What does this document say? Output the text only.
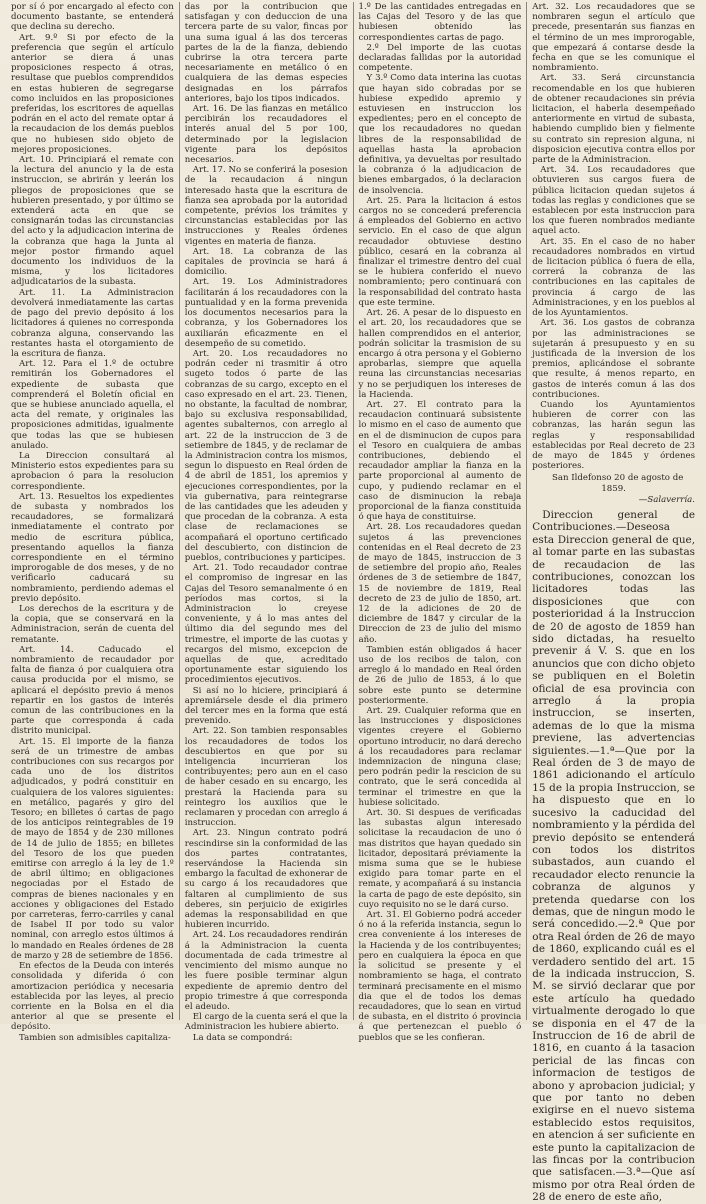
por sí ó por encargado al efecto con documento bastante, se entenderá que declina su derecho.

Art. 9.º Si por efecto de la preferencia que según el artículo anterior se diera á unas proposiciones respecto á otras, resultase que pueblos comprendidos en estas hubieren de segregarse como incluidos en las proposiciones preferidas, los escritores de aquellas podrán en el acto del remate optar á la recaudacion de los demás pueblos que no hubiesen sido objeto de mejores proposiciones.

Art. 10. Principiará el remate con la lectura del anuncio y la de esta instruccion, se abrirán y leerán los pliegos de proposiciones que se hubieren presentado, y por último se extenderá acta en que se consignarán todas las circunstancias del acto y la adjudicacion interina de la cobranza que haga la Junta al mejor postor firmando aquel documento los individuos de la misma, y los licitadores adjudicatarios de la subasta.

Art. 11. La Administracion devolverá inmediatamente las cartas de pago del previo depósito á los licitadores á quienes no corresponda cobranza alguna, conservando las restantes hasta el otorgamiento de la escritura de fianza.

Art. 12. Para el 1.º de octubre remitirán los Gobernadores el expediente de subasta que comprenderá el Boletín oficial en que se hubiese anunciado aquella, el acta del remate, y originales las proposiciones admitidas, igualmente que todas las que se hubiesen anulado.

La Direccion consultará al Ministerio estos expedientes para su aprobacion ó para la resolucion correspondiente.

Art. 13. Resueltos los expedientes de subasta y nombrados los recaudadores, se formalizará inmediatamente el contrato por medio de escritura pública, presentando aquellos la fianza correspondiente en el término improrogable de dos meses, y de no verificarlo caducará su nombramiento, perdiendo ademas el previo depósito.

Los derechos de la escritura y de la copia, que se conservará en la Administracion, serán de cuenta del rematante.

Art. 14. Caducado el nombramiento de recaudador por falta de fianza ó por cualquiera otra causa producida por el mismo, se aplicará el depósito previo á menos repartir en los gastos de interés comun de las contribuciones en la parte que corresponda á cada distrito municipal.

Art. 15. El importe de la fianza será de un trimestre de ambas contribuciones con sus recargos por cada uno de los distritos adjudicados, y podrá constituir en cualquiera de los valores siguientes: en metálico, pagarés y giro del Tesoro; en billetes ó cartas de pago de los anticipos reintegrables de 19 de mayo de 1854 y de 230 millones de 14 de julio de 1855; en billetes del Tesoro de los que pueden emitirse con arreglo á la ley de 1.º de abril último; en obligaciones negociadas por el Estado de compras de bienes nacionales y en acciones y obligaciones del Estado por carreteras, ferro-carriles y canal de Isabel II por todo su valor nominal, con arreglo estos últimos á lo mandado en Reales órdenes de 28 de marzo y 28 de setiembre de 1856.

En efectos de la Deuda con interés consolidada y diferida ó con amortizacion periódica y necesaria establecida por las leyes, al precio corriente en la Bolsa en el dia anterior al que se presente el depósito.

Tambien son admisibles capitaliza-

das por la contribucion que satisfagan y con deduccion de una tercera parte de su valor, fincas por una suma igual á las dos terceras partes de la de la fianza, debiendo cubrirse la otra tercera parte necesariamente en metálico ó en cualquiera de las demas especies designadas en los párrafos anteriores, bajo los tipos indicados.

Art. 16. De las fianzas en metálico percibirán los recaudadores el interés anual del 5 por 100, determinado por la legislacion vigente para los depósitos necesarios.

Art. 17. No se conferirá la posesion de la recaudacion á ningun interesado hasta que la escritura de fianza sea aprobada por la autoridad competente, prévios los trámites y circunstancias establecidas por las instrucciones y Reales órdenes vigentes en materia de fianza.

Art. 18. La cobranza de las capitales de provincia se hará á domicilio.

Art. 19. Los Administradores facilitarán á los recaudadores con la puntualidad y en la forma prevenida los documentos necesarios para la cobranza, y los Gobernadores los auxiliarán eficazmente en el desempeño de su cometido.

Art. 20. Los recaudadores no podrán ceder ni trasmitir á otro sugeto todos ó parte de las cobranzas de su cargo, excepto en el caso expresado en el art. 23. Tienen, no obstante, la facultad de nombrar, bajo su exclusiva responsabilidad, agentes subalternos, con arreglo al art. 22 de la instruccion de 3 de setiembre de 1845, y de reclamar de la Administracion contra los mismos, segun lo dispuesto en Real órden de 4 de abril de 1851, los apremios y ejecuciones correspondientes, por la via gubernativa, para reintegrarse de las cantidades que les adeuden y que procedan de la cobranza. A esta clase de reclamaciones se acompañará el oportuno certificado del descubierto, con distincion de pueblos, contribuciones y participes.

Art. 21. Todo recaudador contrae el compromiso de ingresar en las Cajas del Tesoro semanalmente ó en períodos mas cortos, si la Administracion lo creyese conveniente, y á lo mas antes del último dia del segundo mes del trimestre, el importe de las cuotas y recargos del mismo, excepcion de aquellas de que, acreditado oportunamente estar siguiendo los procedimientos ejecutivos.

Si así no lo hiciere, principiará á apremiársele desde el dia primero del tercer mes en la forma que está prevenido.

Art. 22. Son tambien responsables los recaudadores de todos los descubiertos en que por su inteligencia incurrieran los contribuyentes; pero aun en el caso de haber cesado en su encargo, les prestará la Hacienda para su reintegro los auxilios que le reclamaren y procedan con arreglo á instruccion.

Art. 23. Ningun contrato podrá rescindirse sin la conformidad de las dos partes contratantes, reservándose la Hacienda sin embargo la facultad de exhonerar de su cargo á los recaudadores que faltaren al cumplimiento de sus deberes, sin perjuicio de exigirles ademas la responsabilidad en que hubieren incurrido.

Art. 24. Los recaudadores rendirán á la Administracion la cuenta documentada de cada trimestre al vencimiento del mismo aunque no les fuere posible terminar algun expediente de apremio dentro del propio trimestre á que corresponda el adeudo.

El cargo de la cuenta será el que la Administracion les hubiere abierto.

La data se compondrá:

1.º De las cantidades entregadas en las Cajas del Tesoro y de las que hubiesen obtenido las correspondientes cartas de pago.

2.º Del importe de las cuotas declaradas fallidas por la autoridad competente.

Y 3.º Como data interina las cuotas que hayan sido cobradas por se hubiese expedido apremio y estuviesen en instruccion los expedientes; pero en el concepto de que los recaudadores no quedan libres de la responsabilidad de aquellas hasta la aprobacion definitiva, ya devueltas por resultado la cobranza ó la adjudicacion de bienes embargados, ó la declaracion de insolvencia.

Art. 25. Para la licitacion á estos cargos no se concederá preferencia á empleados del Gobierno en activo servicio. En el caso de que algun recaudador obtuviese destino público, cesará en la cobranza al finalizar el trimestre dentro del cual se le hubiera conferido el nuevo nombramiento; pero continuará con la responsabilidad del contrato hasta que este termine.

Art. 26. A pesar de lo dispuesto en el art. 20, los recaudadores que se hallen comprendidos en el anterior, podrán solicitar la trasmision de su encargo á otra persona y el Gobierno aprobarlas, siempre que aquella reuna las circunstancias necesarias y no se perjudiquen los intereses de la Hacienda.

Art. 27. El contrato para la recaudacion continuará subsistente lo mismo en el caso de aumento que en el de disminucion de cupos para el Tesoro en cualquiera de ambas contribuciones, debiendo el recaudador ampliar la fianza en la parte proporcional al aumento de cupo, y pudiendo reclamar en el caso de disminucion la rebaja proporcional de la fianza constituida ó que haya de constituirse.

Art. 28. Los recaudadores quedan sujetos á las prevenciones contenidas en el Real decreto de 23 de mayo de 1845, instruccion de 3 de setiembre del propio año, Reales órdenes de 3 de setiembre de 1847, 15 de noviembre de 1819, Real decreto de 23 de julio de 1850, art. 12 de la adiciones de 20 de diciembre de 1847 y circular de la Direccion de 23 de julio del mismo año.

Tambien están obligados á hacer uso de los recibos de talon, con arreglo á lo mandado en Real órden de 26 de julio de 1853, á lo que sobre este punto se determine posteriormente.

Art. 29. Cualquier reforma que en las instrucciones y disposiciones vigentes creyere el Gobierno oportuno introducir, no dará derecho á los recaudadores para reclamar indemnizacion de ninguna clase; pero podrán pedir la rescicion de su contrato, que le será concedida al terminar el trimestre en que la hubiese solicitado.

Art. 30. Si despues de verificadas las subastas algun interesado solicitase la recaudacion de uno ó mas distritos que hayan quedado sin licitador, depositará préviamente la misma suma que se le hubiese exigido para tomar parte en el remate, y acompañará á su instancia la carta de pago de este depósito, sin cuyo requisito no se le dará curso.

Art. 31. El Gobierno podrá acceder ó no á la referida instancia, segun lo crea conveniente á los intereses de la Hacienda y de los contribuyentes; pero en cualquiera la época en que la solicitud se presente y el nombramiento se haga, el contrato terminará precisamente en el mismo dia que el de todos los demas recaudadores, que lo sean en virtud de subasta, en el distrito ó provincia á que pertenezcan el pueblo ó pueblos que se les confieran.

Art. 32. Los recaudadores que se nombraren segun el artículo que precede, presentarán sus fianzas en el término de un mes improrogable, que empezará á contarse desde la fecha en que se les comunique el nombramiento.

Art. 33. Será circunstancia recomendable en los que hubieren de obtener recaudaciones sin prévia licitacion, el haberla desempeñado anteriormente en virtud de subasta, habiendo cumplido bien y fielmente su contrato sin represion alguna, ni disposicion ejecutiva contra ellos por parte de la Administracion.

Art. 34. Los recaudadores que obtuvieren sus cargos fuera de pública licitacion quedan sujetos á todas las reglas y condiciones que se establecen por esta instruccion para los que fueren nombrados mediante aquel acto.

Art. 35. En el caso de no haber recaudadores nombrados en virtud de licitacion pública ó fuera de ella, correrá la cobranza de las contribuciones en las capitales de provincia á cargo de las Administraciones, y en los pueblos al de los Ayuntamientos.

Art. 36. Los gastos de cobranza por las administraciones se sujetarán á presupuesto y en su justificada de la inversion de los premios, aplicándose el sobrante que resulte, á menos reparto, en gastos de interés comun á las dos contribuciones.

Cuando los Ayuntamientos hubieren de correr con las cobranzas, las harán segun las reglas y responsabilidad establecidas por Real decreto de 23 de mayo de 1845 y órdenes posteriores.

San Ildefonso 20 de agosto de 1859.

—Salaverría.

Direccion general de Contribuciones.—Deseosa esta Direccion general de que, al tomar parte en las subastas de recaudacion de las contribuciones, conozcan los licitadores todas las disposiciones que con posterioridad á la Instruccion de 20 de agosto de 1859 han sido dictadas, ha resuelto prevenir á V. S. que en los anuncios que con dicho objeto se publiquen en el Boletin oficial de esa provincia con arreglo á la propia instruccion, se inserten, ademas de lo que la misma previene, las advertencias siguientes.—1.ª—Que por la Real órden de 3 de mayo de 1861 adicionando el artículo 15 de la propia Instruccion, se ha dispuesto que en lo sucesivo la caducidad del nombramiento y la pérdida del previo depósito se entenderá con todos los distritos subastados, aun cuando el recaudador electo renuncie la cobranza de algunos y pretenda quedarse con los demas, que de ningun modo le será concedido.—2.ª Que por otra Real órden de 26 de mayo de 1860, explicando cuál es el verdadero sentido del art. 15 de la indicada instruccion, S. M. se sirvió declarar que por este artículo ha quedado virtualmente derogado lo que se disponia en el 47 de la Instruccion de 16 de abril de 1816, en cuanto á la tasacion pericial de las fincas con informacion de testigos de abono y aprobacion judicial; y que por tanto no deben exigirse en el nuevo sistema establecido estos requisitos, en atencion á ser suficiente en este punto la capitalizacion de las fincas por la contribucion que satisfacen.—3.ª—Que así mismo por otra Real órden de 28 de enero de este año,
